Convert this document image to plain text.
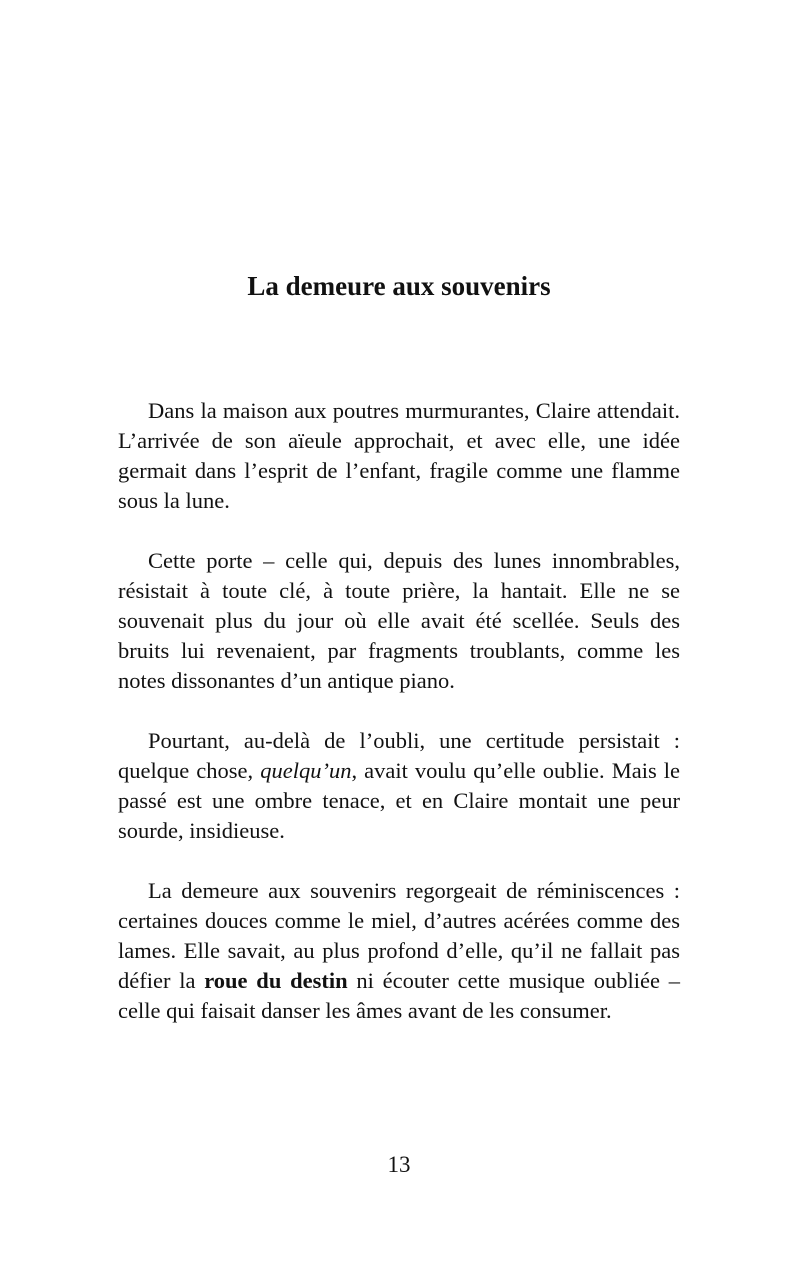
La demeure aux souvenirs

Dans la maison aux poutres murmurantes, Claire attendait. L’arrivée de son aïeule approchait, et avec elle, une idée germait dans l’esprit de l’enfant, fragile comme une flamme sous la lune.

Cette porte – celle qui, depuis des lunes innombrables, résistait à toute clé, à toute prière, la hantait. Elle ne se souvenait plus du jour où elle avait été scellée. Seuls des bruits lui revenaient, par fragments troublants, comme les notes dissonantes d’un antique piano.

Pourtant, au-delà de l’oubli, une certitude persistait : quelque chose, quelqu’un, avait voulu qu’elle oublie. Mais le passé est une ombre tenace, et en Claire montait une peur sourde, insidieuse.

La demeure aux souvenirs regorgeait de réminiscences : certaines douces comme le miel, d’autres acérées comme des lames. Elle savait, au plus profond d’elle, qu’il ne fallait pas défier la roue du destin ni écouter cette musique oubliée – celle qui faisait danser les âmes avant de les consumer.

13
